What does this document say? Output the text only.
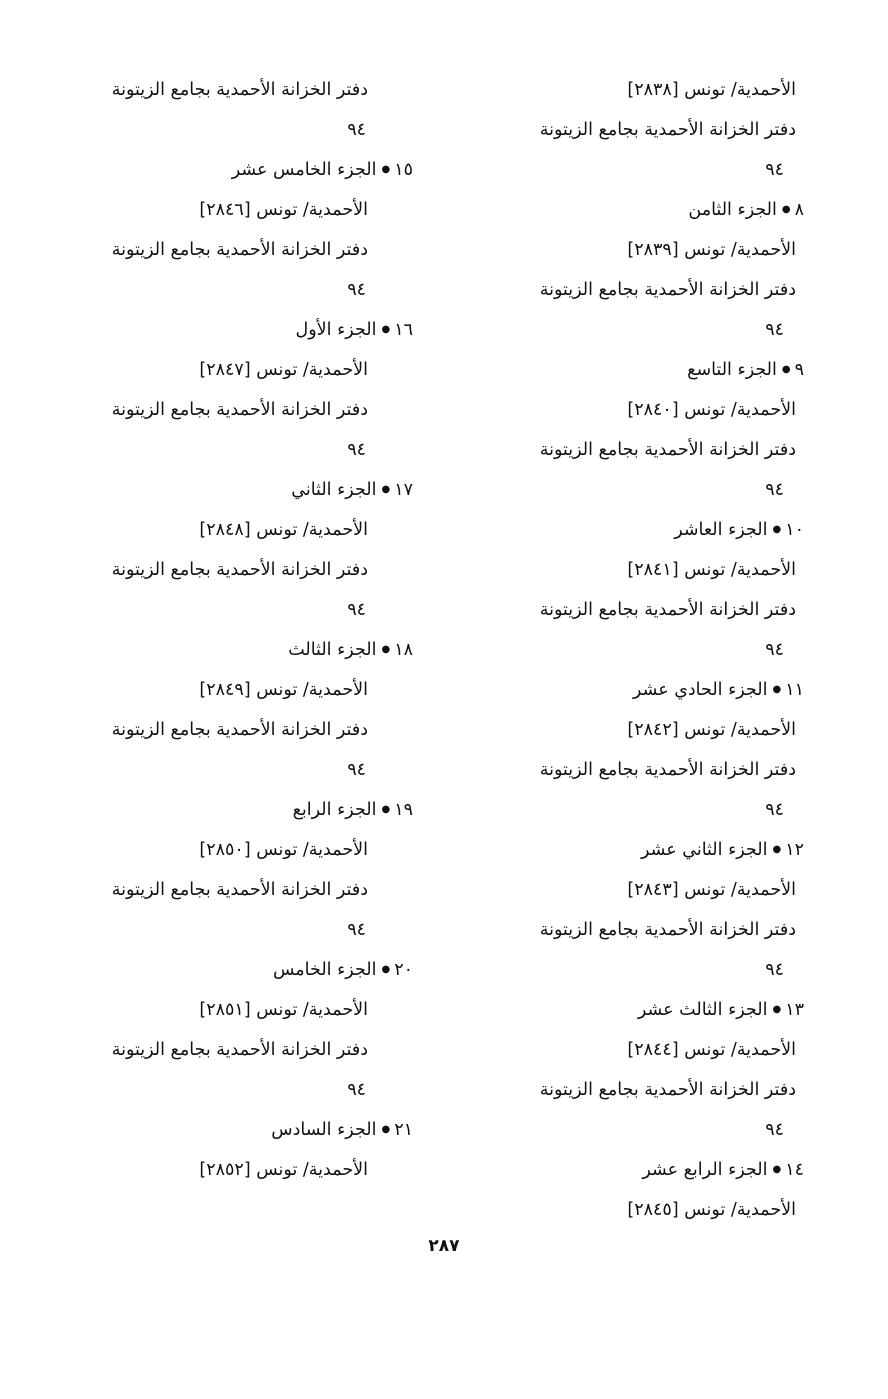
الأحمدية/ تونس [٢٨٣٨]
دفتر الخزانة الأحمدية بجامع الزيتونة
٩٤
٨●الجزء الثامن
الأحمدية/ تونس [٢٨٣٩]
دفتر الخزانة الأحمدية بجامع الزيتونة
٩٤
٩●الجزء التاسع
الأحمدية/ تونس [٢٨٤٠]
دفتر الخزانة الأحمدية بجامع الزيتونة
٩٤
١٠●الجزء العاشر
الأحمدية/ تونس [٢٨٤١]
دفتر الخزانة الأحمدية بجامع الزيتونة
٩٤
١١●الجزء الحادي عشر
الأحمدية/ تونس [٢٨٤٢]
دفتر الخزانة الأحمدية بجامع الزيتونة
٩٤
١٢●الجزء الثاني عشر
الأحمدية/ تونس [٢٨٤٣]
دفتر الخزانة الأحمدية بجامع الزيتونة
٩٤
١٣●الجزء الثالث عشر
الأحمدية/ تونس [٢٨٤٤]
دفتر الخزانة الأحمدية بجامع الزيتونة
٩٤
١٤●الجزء الرابع عشر
الأحمدية/ تونس [٢٨٤٥]
دفتر الخزانة الأحمدية بجامع الزيتونة
٩٤
١٥●الجزء الخامس عشر
الأحمدية/ تونس [٢٨٤٦]
دفتر الخزانة الأحمدية بجامع الزيتونة
٩٤
١٦●الجزء الأول
الأحمدية/ تونس [٢٨٤٧]
دفتر الخزانة الأحمدية بجامع الزيتونة
٩٤
١٧●الجزء الثاني
الأحمدية/ تونس [٢٨٤٨]
دفتر الخزانة الأحمدية بجامع الزيتونة
٩٤
١٨●الجزء الثالث
الأحمدية/ تونس [٢٨٤٩]
دفتر الخزانة الأحمدية بجامع الزيتونة
٩٤
١٩●الجزء الرابع
الأحمدية/ تونس [٢٨٥٠]
دفتر الخزانة الأحمدية بجامع الزيتونة
٩٤
٢٠●الجزء الخامس
الأحمدية/ تونس [٢٨٥١]
دفتر الخزانة الأحمدية بجامع الزيتونة
٩٤
٢١●الجزء السادس
الأحمدية/ تونس [٢٨٥٢]
٢٨٧
